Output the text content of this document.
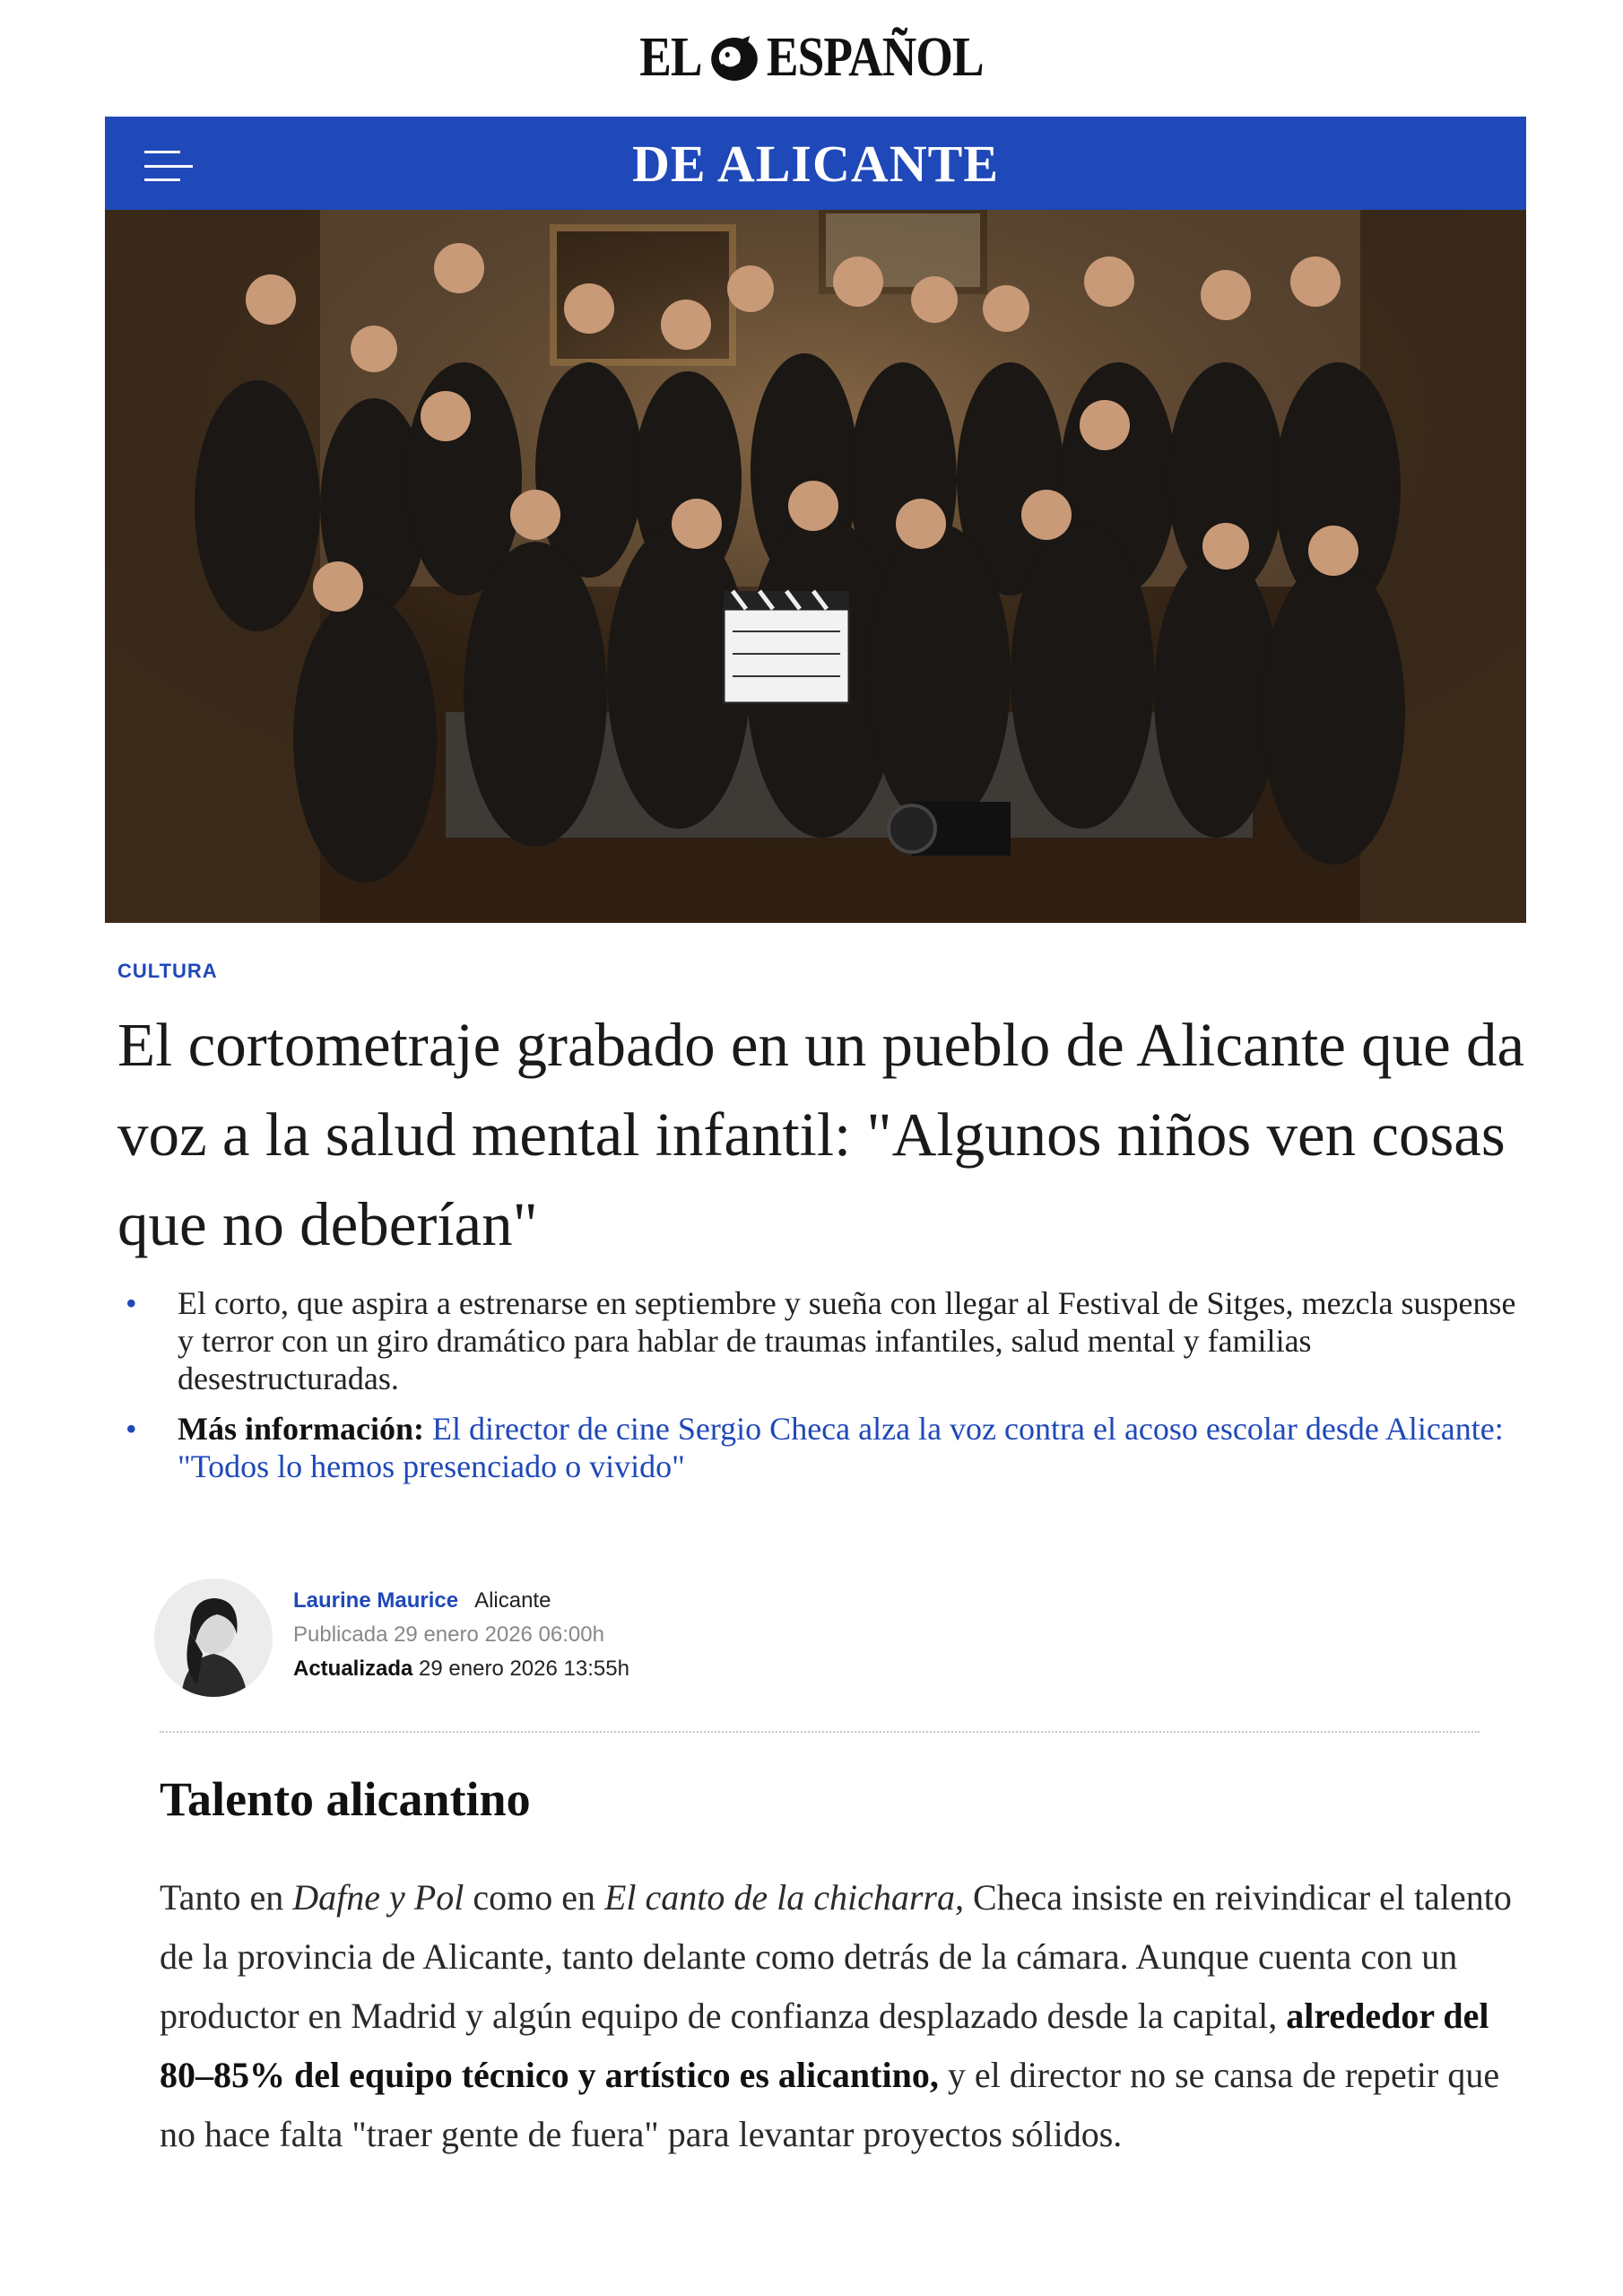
EL ESPAÑOL
DE ALICANTE
CULTURA
El cortometraje grabado en un pueblo de Alicante que da voz a la salud mental infantil: "Algunos niños ven cosas que no deberían"
• El corto, que aspira a estrenarse en septiembre y sueña con llegar al Festival de Sitges, mezcla suspense y terror con un giro dramático para hablar de traumas infantiles, salud mental y familias desestructuradas.
• Más información: El director de cine Sergio Checa alza la voz contra el acoso escolar desde Alicante: "Todos lo hemos presenciado o vivido"
Laurine Maurice Alicante
Publicada 29 enero 2026 06:00h
Actualizada 29 enero 2026 13:55h
Talento alicantino

Tanto en Dafne y Pol como en El canto de la chicharra, Checa insiste en reivindicar el talento de la provincia de Alicante, tanto delante como detrás de la cámara. Aunque cuenta con un productor en Madrid y algún equipo de confianza desplazado desde la capital, alrededor del 80–85% del equipo técnico y artístico es alicantino, y el director no se cansa de repetir que no hace falta "traer gente de fuera" para levantar proyectos sólidos.
